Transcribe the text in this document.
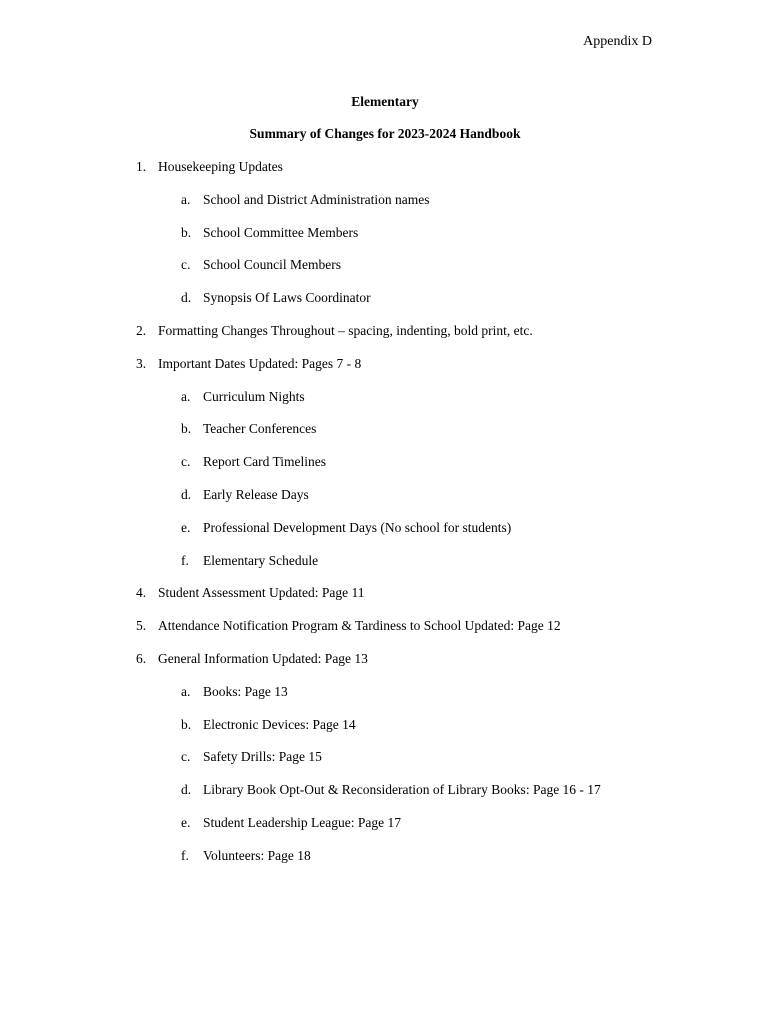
Appendix D
Elementary
Summary of Changes for 2023-2024 Handbook
1. Housekeeping Updates
a. School and District Administration names
b. School Committee Members
c. School Council Members
d. Synopsis Of Laws Coordinator
2. Formatting Changes Throughout – spacing, indenting, bold print, etc.
3. Important Dates Updated: Pages 7 - 8
a. Curriculum Nights
b. Teacher Conferences
c. Report Card Timelines
d. Early Release Days
e. Professional Development Days (No school for students)
f. Elementary Schedule
4. Student Assessment Updated: Page 11
5. Attendance Notification Program & Tardiness to School Updated: Page 12
6. General Information Updated: Page 13
a. Books: Page 13
b. Electronic Devices: Page 14
c. Safety Drills: Page 15
d. Library Book Opt-Out & Reconsideration of Library Books: Page 16 - 17
e. Student Leadership League: Page 17
f. Volunteers: Page 18
